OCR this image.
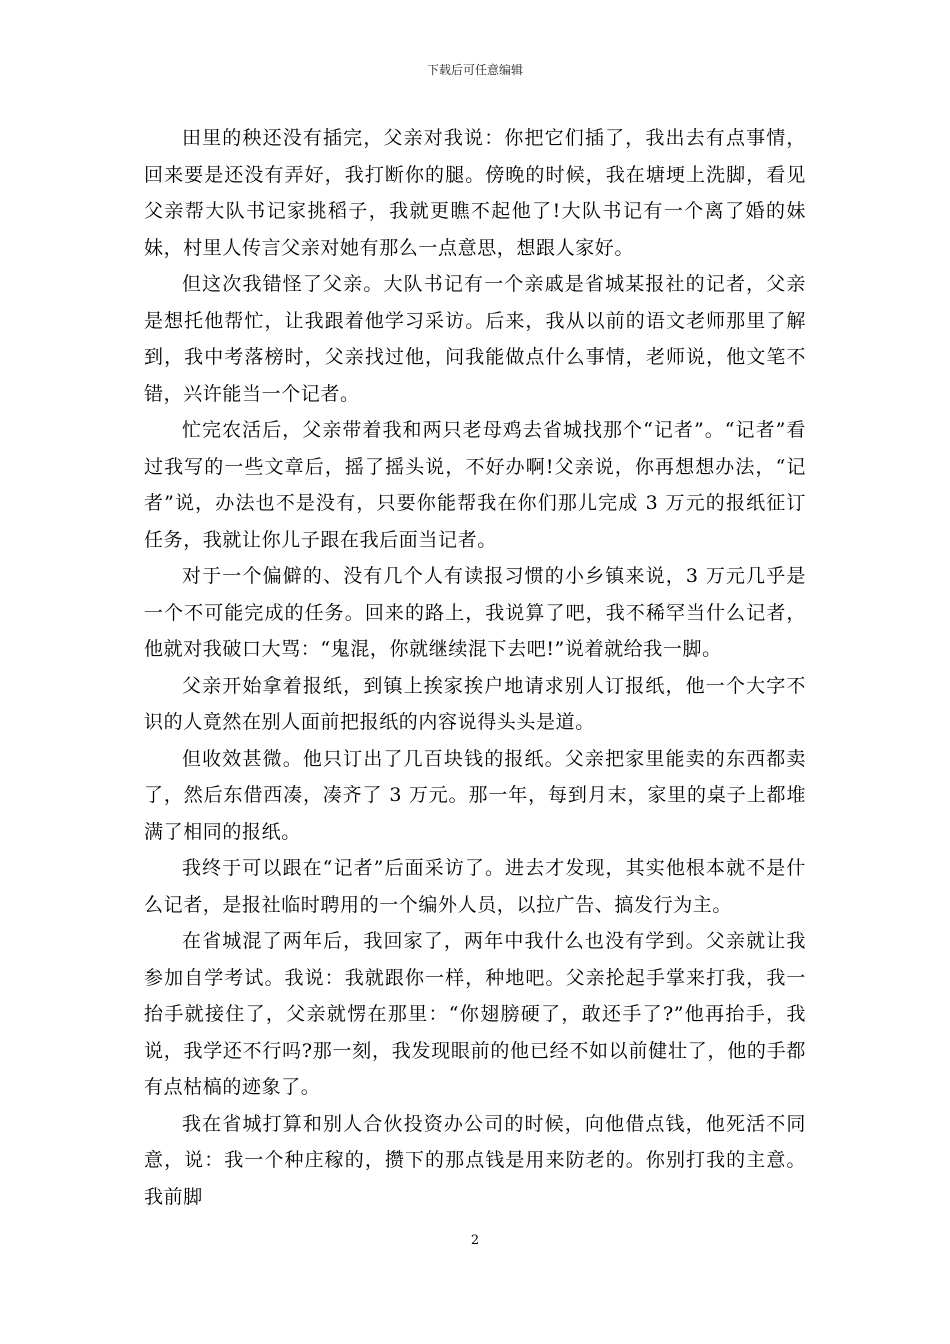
下载后可任意编辑

田里的秧还没有插完，父亲对我说：你把它们插了，我出去有点事情，回来要是还没有弄好，我打断你的腿。傍晚的时候，我在塘埂上洗脚，看见父亲帮大队书记家挑稻子，我就更瞧不起他了!大队书记有一个离了婚的妹妹，村里人传言父亲对她有那么一点意思，想跟人家好。

但这次我错怪了父亲。大队书记有一个亲戚是省城某报社的记者，父亲是想托他帮忙，让我跟着他学习采访。后来，我从以前的语文老师那里了解到，我中考落榜时，父亲找过他，问我能做点什么事情，老师说，他文笔不错，兴许能当一个记者。

忙完农活后，父亲带着我和两只老母鸡去省城找那个“记者”。“记者”看过我写的一些文章后，摇了摇头说，不好办啊!父亲说，你再想想办法，“记者”说，办法也不是没有，只要你能帮我在你们那儿完成 3 万元的报纸征订任务，我就让你儿子跟在我后面当记者。

对于一个偏僻的、没有几个人有读报习惯的小乡镇来说，3 万元几乎是一个不可能完成的任务。回来的路上，我说算了吧，我不稀罕当什么记者，他就对我破口大骂：“鬼混，你就继续混下去吧!”说着就给我一脚。

父亲开始拿着报纸，到镇上挨家挨户地请求别人订报纸，他一个大字不识的人竟然在别人面前把报纸的内容说得头头是道。

但收效甚微。他只订出了几百块钱的报纸。父亲把家里能卖的东西都卖了，然后东借西凑，凑齐了 3 万元。那一年，每到月末，家里的桌子上都堆满了相同的报纸。

我终于可以跟在“记者”后面采访了。进去才发现，其实他根本就不是什么记者，是报社临时聘用的一个编外人员，以拉广告、搞发行为主。

在省城混了两年后，我回家了，两年中我什么也没有学到。父亲就让我参加自学考试。我说：我就跟你一样，种地吧。父亲抡起手掌来打我，我一抬手就接住了，父亲就愣在那里：“你翅膀硬了，敢还手了?”他再抬手，我说，我学还不行吗?那一刻，我发现眼前的他已经不如以前健壮了，他的手都有点枯槁的迹象了。

我在省城打算和别人合伙投资办公司的时候，向他借点钱，他死活不同意，说：我一个种庄稼的，攒下的那点钱是用来防老的。你别打我的主意。我前脚

2
